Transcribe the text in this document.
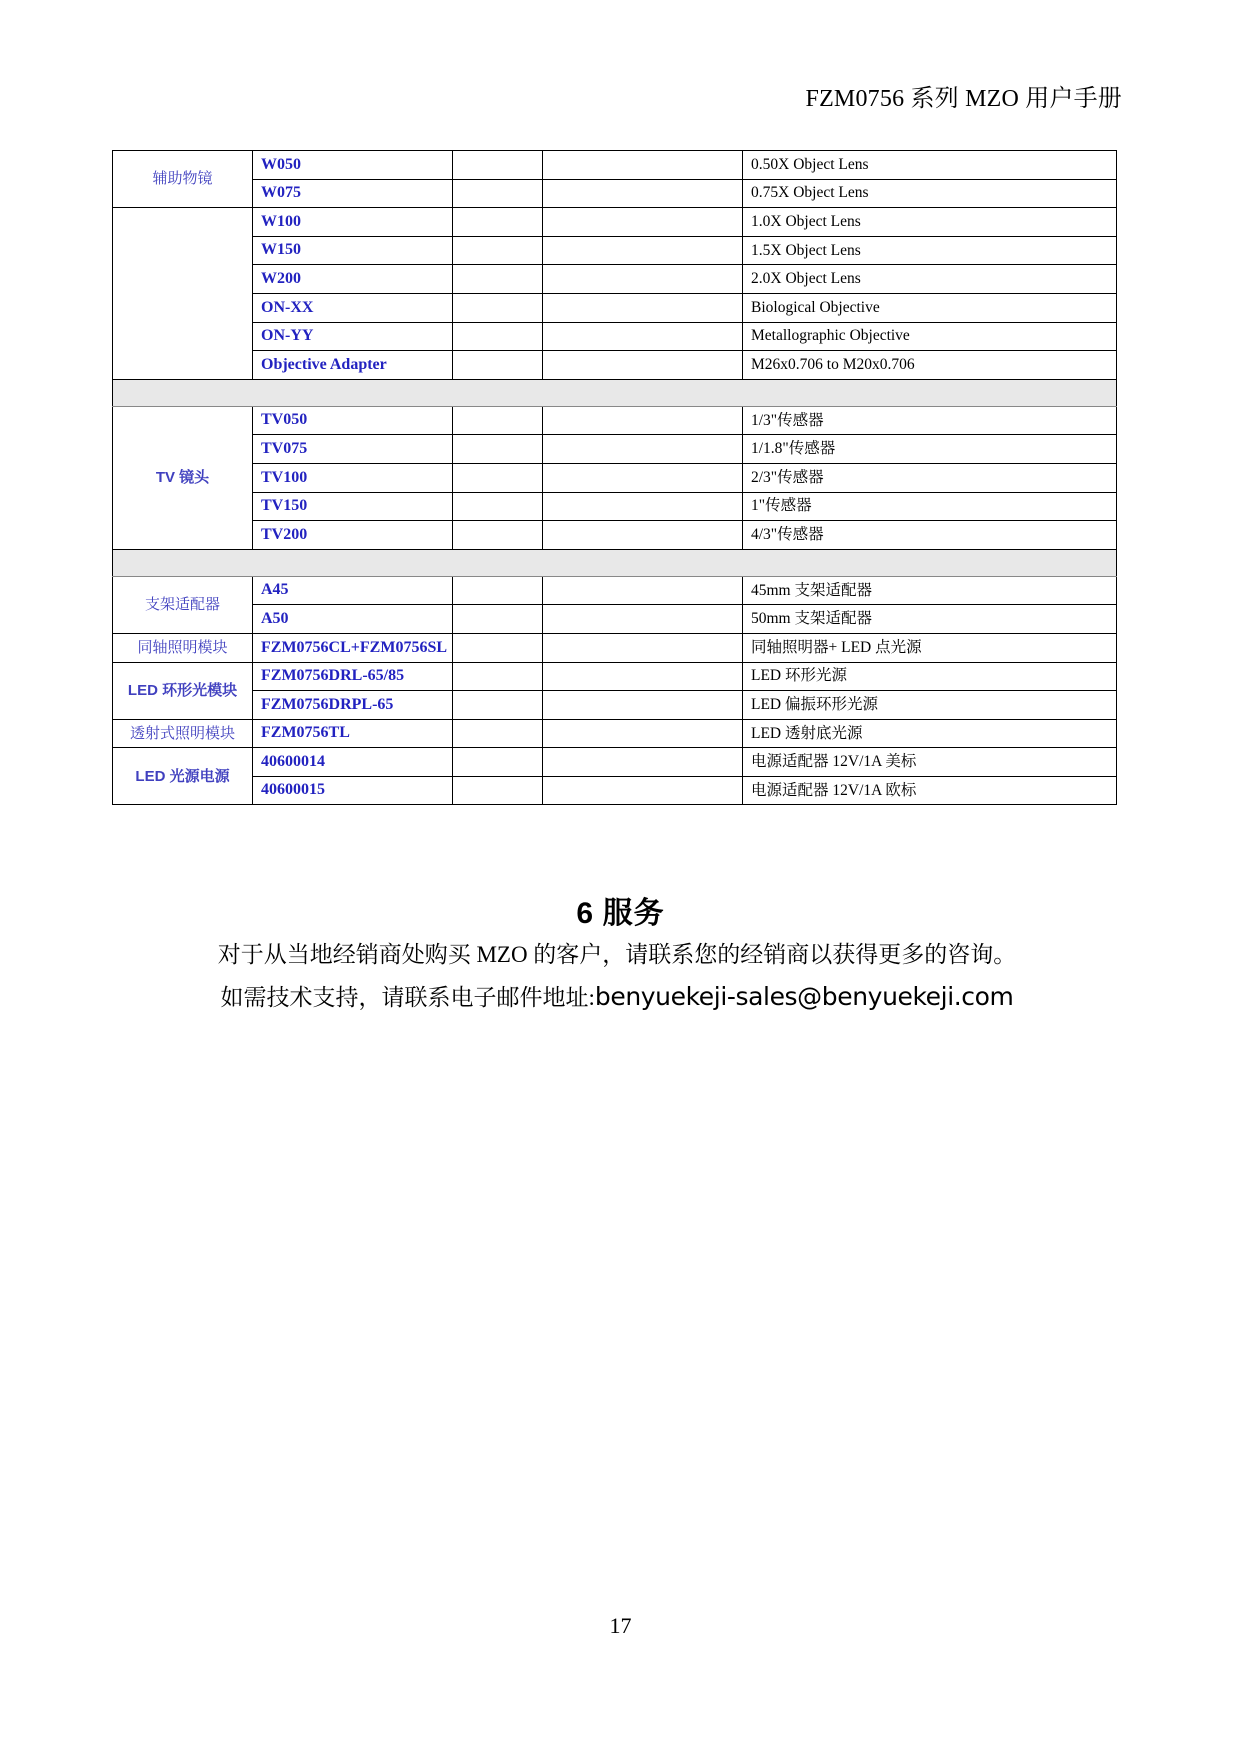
FZM0756 系列 MZO 用户手册
辅助物镜	W050			0.50X Object Lens
	W075			0.75X Object Lens
	W100			1.0X Object Lens
	W150			1.5X Object Lens
	W200			2.0X Object Lens
	ON-XX			Biological Objective
	ON-YY			Metallographic Objective
	Objective Adapter			M26x0.706 to M20x0.706

TV 镜头	TV050			1/3"传感器
	TV075			1/1.8"传感器
	TV100			2/3"传感器
	TV150			1"传感器
	TV200			4/3"传感器

支架适配器	A45			45mm 支架适配器
	A50			50mm 支架适配器
同轴照明模块	FZM0756CL+FZM0756SL			同轴照明器+ LED 点光源
LED 环形光模块	FZM0756DRL-65/85			LED 环形光源
	FZM0756DRPL-65			LED 偏振环形光源
透射式照明模块	FZM0756TL			LED 透射底光源
LED 光源电源	40600014			电源适配器 12V/1A 美标
	40600015			电源适配器 12V/1A 欧标
6 服务
对于从当地经销商处购买 MZO 的客户，请联系您的经销商以获得更多的咨询。
如需技术支持，请联系电子邮件地址:benyuekeji-sales@benyuekeji.com
17
